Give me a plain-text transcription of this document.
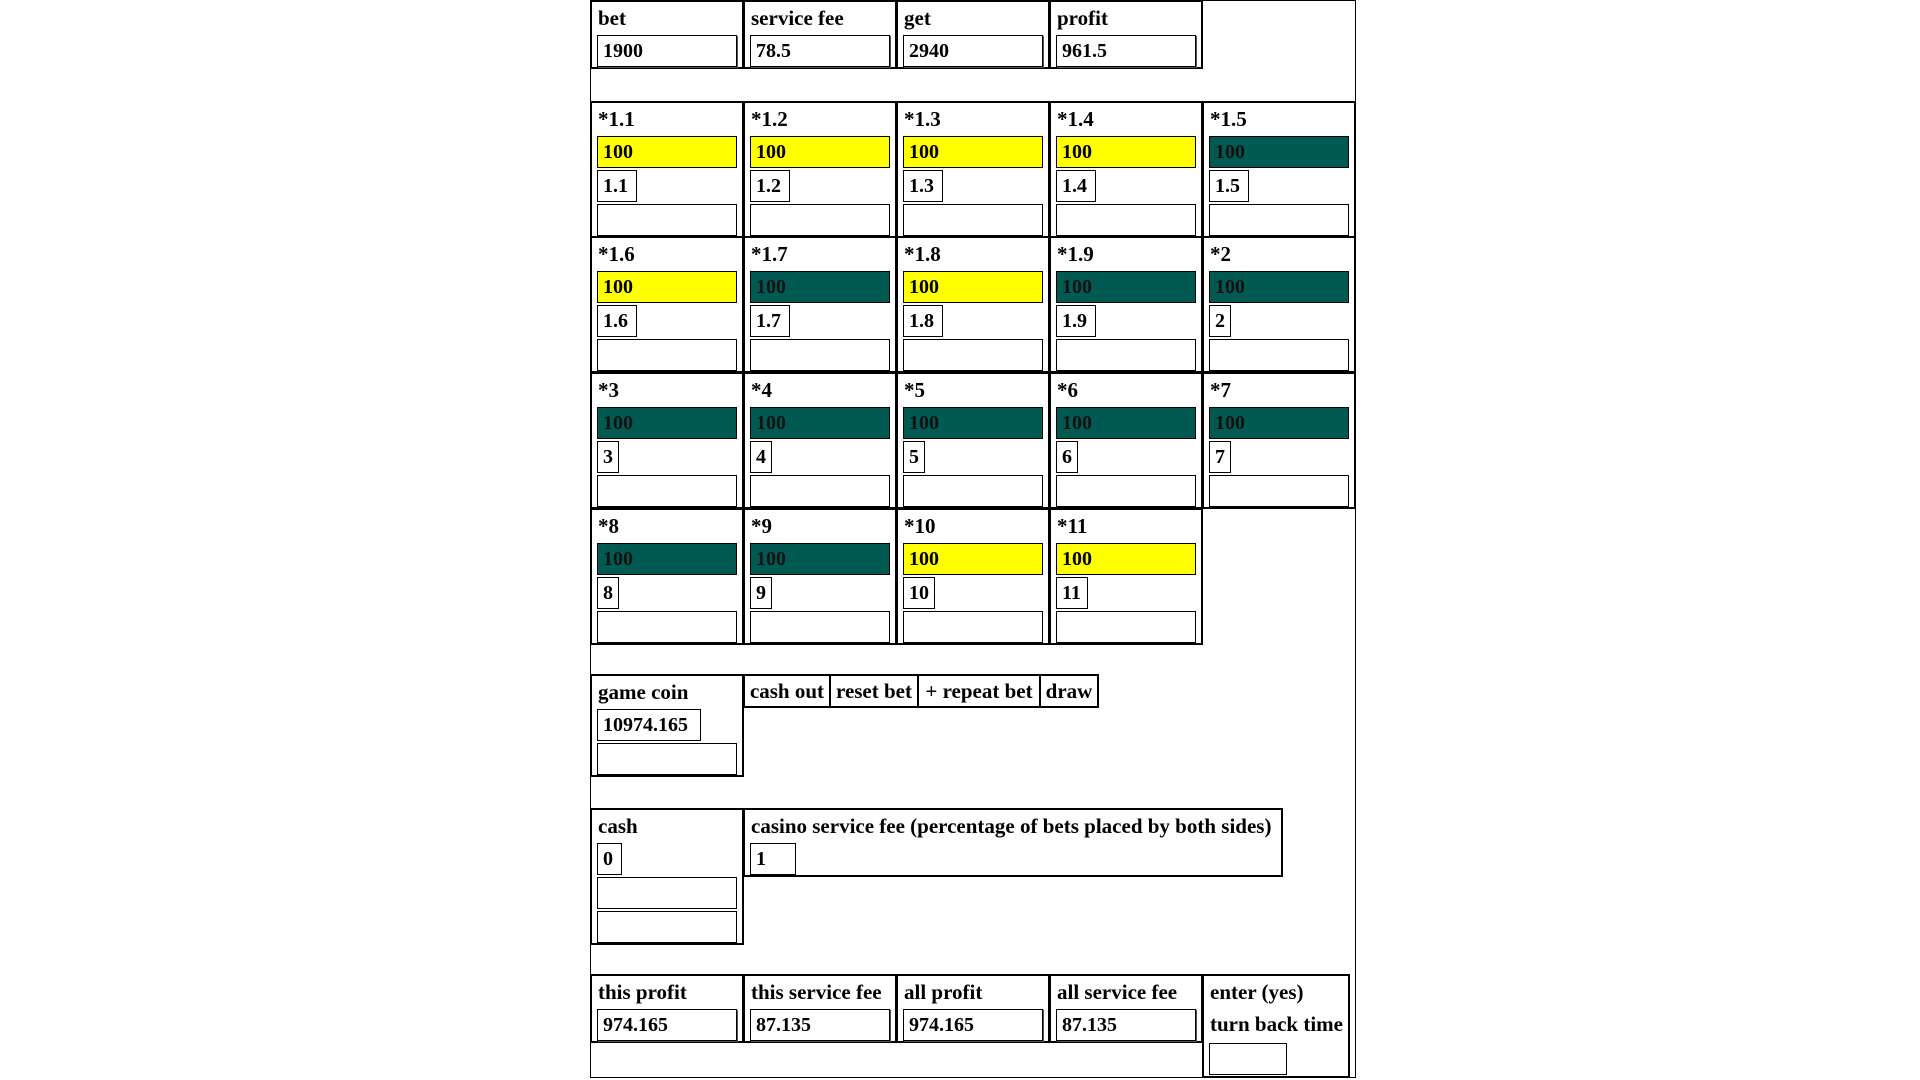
bet
1900
service fee
78.5
get
2940
profit
961.5
*1.1
100
1.1
*1.2
100
1.2
*1.3
100
1.3
*1.4
100
1.4
*1.5
100
1.5
*1.6
100
1.6
*1.7
100
1.7
*1.8
100
1.8
*1.9
100
1.9
*2
100
2
*3
100
3
*4
100
4
*5
100
5
*6
100
6
*7
100
7
*8
100
8
*9
100
9
*10
100
10
*11
100
11
game coin
10974.165
cash out reset bet + repeat bet draw
cash
0
casino service fee (percentage of bets placed by both sides)
1
this profit
974.165
this service fee
87.135
all profit
974.165
all service fee
87.135
enter (yes)
turn back time
